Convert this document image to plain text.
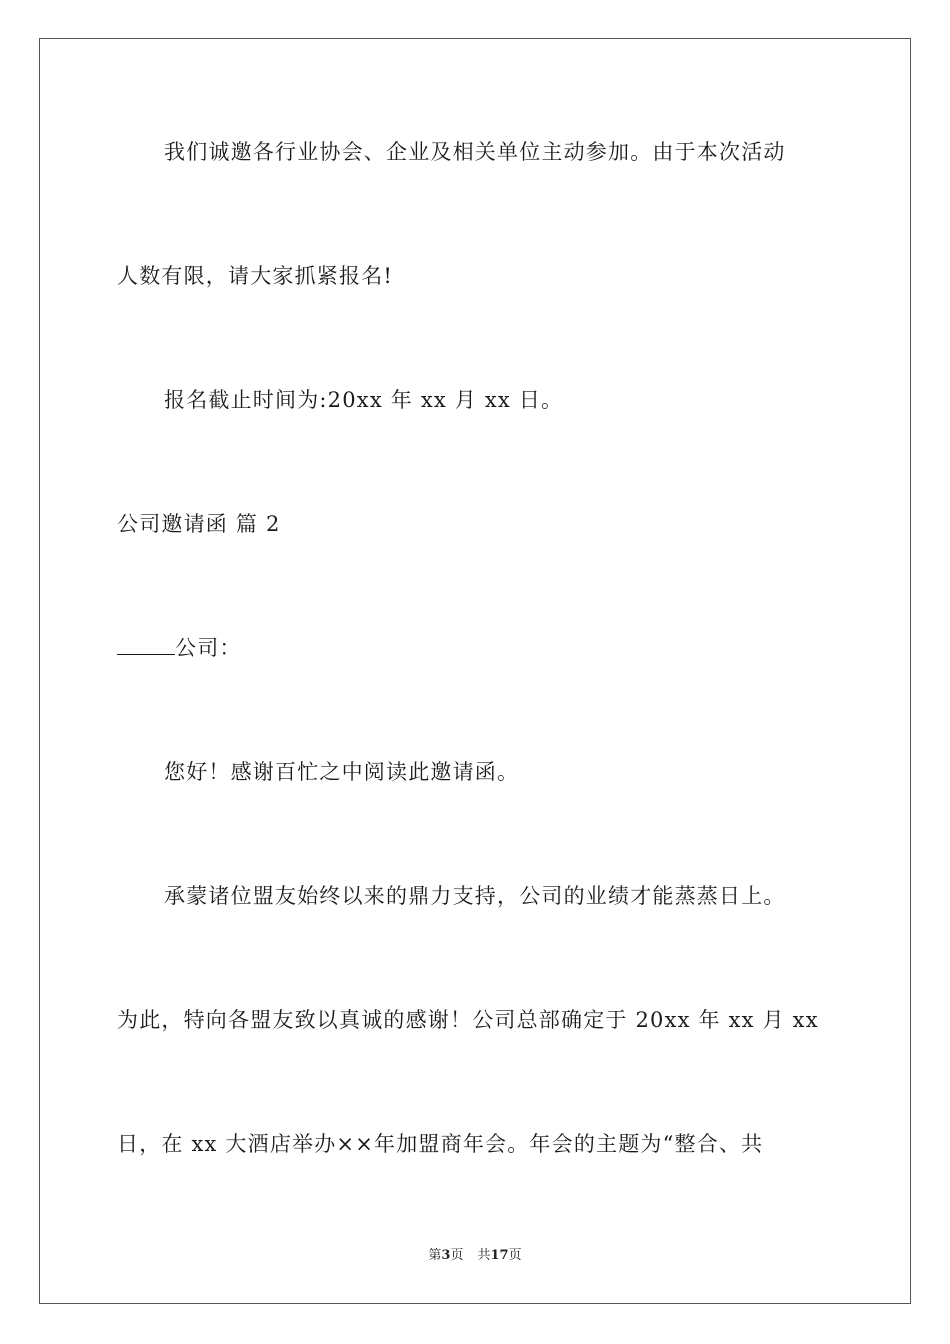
我们诚邀各行业协会、企业及相关单位主动参加。由于本次活动
人数有限，请大家抓紧报名!
报名截止时间为:20xx 年 xx 月 xx 日。
公司邀请函 篇 2
公司：
您好！感谢百忙之中阅读此邀请函。
承蒙诸位盟友始终以来的鼎力支持，公司的业绩才能蒸蒸日上。
为此，特向各盟友致以真诚的感谢！公司总部确定于 20xx 年 xx 月 xx
日，在 xx 大酒店举办××年加盟商年会。年会的主题为“整合、共
第3页 共17页
